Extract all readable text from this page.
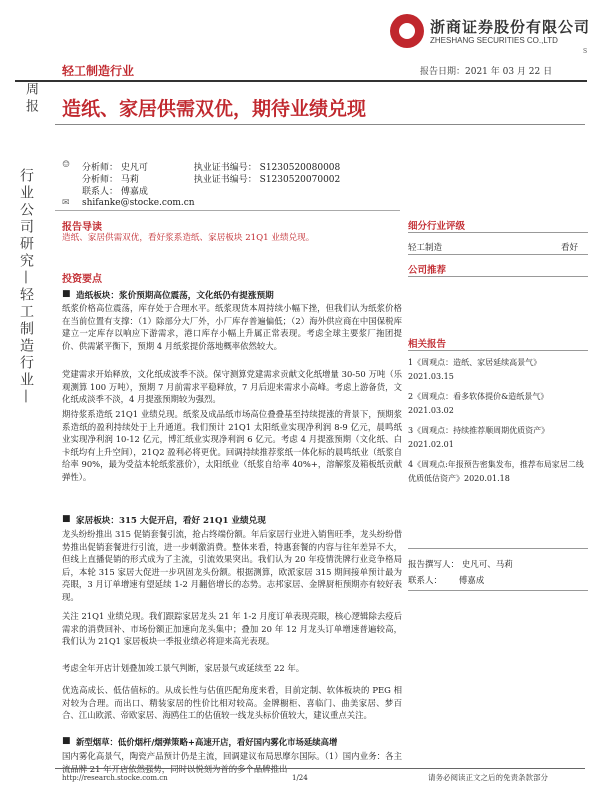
浙商证券股份有限公司
ZHESHANG SECURITIES CO.,LTD
S
轻工制造行业	报告日期：2021 年 03 月 22 日
周报
行业公司研究—轻工制造行业—
造纸、家居供需双优，期待业绩兑现
☺ 分析师： 史凡可	执业证书编号： S1230520080008
分析师： 马莉	执业证书编号： S1230520070002
联系人： 傅嘉成
✉ shifanke@stocke.com.cn
报告导读
造纸、家居供需双优，看好浆系造纸、家居板块 21Q1 业绩兑现。
投资要点
■ 造纸板块：浆价预期高位震荡，文化纸仍有提涨预期
纸浆价格高位震荡，库存处于合理水平。纸浆现货本周持续小幅下挫，但我们认为纸浆价格在当前位置有支撑：（1）除部分大厂外，小厂库存普遍偏低；（2）海外供应商在中国保税库建立一定库存以响应下游需求，港口库存小幅上升属正常表现。考虑全球主要浆厂拖团提价、供需紧平衡下，预期 4 月纸浆提价落地概率依然较大。
党建需求开始释放，文化纸成波季不淡。保守测算党建需求贡献文化纸增量 30-50 万吨（乐观测算 100 万吨），预期 7 月前需求平稳释放，7 月后迎来需求小高峰。考虑上游备货，文化纸成淡季不淡，4 月提涨预期较为强烈。
期待浆系造纸 21Q1 业绩兑现。纸浆及成品纸市场高位叠叠基至持续提涨的背景下，预期浆系造纸的盈利持续处于上升通道。我们预计 21Q1 太阳纸业实现净利润 8-9 亿元，晨鸣纸业实现净利润 10-12 亿元，博汇纸业实现净利润 6 亿元。考虑 4 月提涨预期（文化纸、白卡纸均有上升空间），21Q2 盈利必将更优。回调持续推荐浆纸一体化标的晨鸣纸业（纸浆自给率 90%，最为受益本轮纸浆涨价），太阳纸业（纸浆自给率 40%+，溶解浆及箱板纸贡献弹性）。
■ 家居板块：315 大促开启，看好 21Q1 业绩兑现
龙头纷纷推出 315 促销套餐引流，抢占终端份额。年后家居行业进入销售旺季，龙头纷纷借势推出促销套餐进行引流，进一步刺激消费。整体来看，特惠套餐的内容与往年差异不大，但线上直播促销的形式成为了主流，引流效果突出。我们认为 20 年疫情洗牌行业竞争格局后，本轮 315 家居大促进一步巩固龙头份额。根据测算，欧派家居 315 期间接单预计最为亮眼，3 月订单增速有望延续 1-2 月翻倍增长的态势。志邦家居、金牌厨柜预期亦有较好表现。
关注 21Q1 业绩兑现。我们跟踪家居龙头 21 年 1-2 月度订单表现亮眼，核心逻辑除去疫后需求的消费回补、市场份额正加速向龙头集中；叠加 20 年 12 月龙头订单增速普遍较高，我们认为 21Q1 家居板块一季报业绩必将迎来高光表现。
考虑全年开店计划叠加竣工景气判断，家居景气或延续至 22 年。
优选高成长、低估值标的。从成长性与估值匹配角度来看，目前定制、软体板块的 PEG 相对较为合理。而出口、精装家居的性价比相对较高。金牌橱柜、喜临门、曲美家居、梦百合、江山欧派、帝欧家居、海鸥住工的估值较一线龙头标价值较大，建议重点关注。
■ 新型烟草：低价烟杆/烟弹策略+高速开店，看好国内雾化市场延续高增
国内雾化高景气，陶瓷产品预计仍是主流，回调建议布局思摩尔国际。（1）国内业务：各主
细分行业评级
轻工制造	看好
公司推荐
相关报告
1《周观点：造纸、家居延续高景气》
2021.03.15
2《周观点：看多软体提价&造纸景气》
2021.03.02
3《周观点：持续推荐顺周期优质资产》
2021.02.01
4《周观点:年报预告密集发布，推荐布局家居二线优质低估资产》2020.01.18
报告撰写人： 史凡可、马莉
联系人： 傅嘉成
http://research.stocke.com.cn	1/24	请务必阅读正文之后的免责条款部分
